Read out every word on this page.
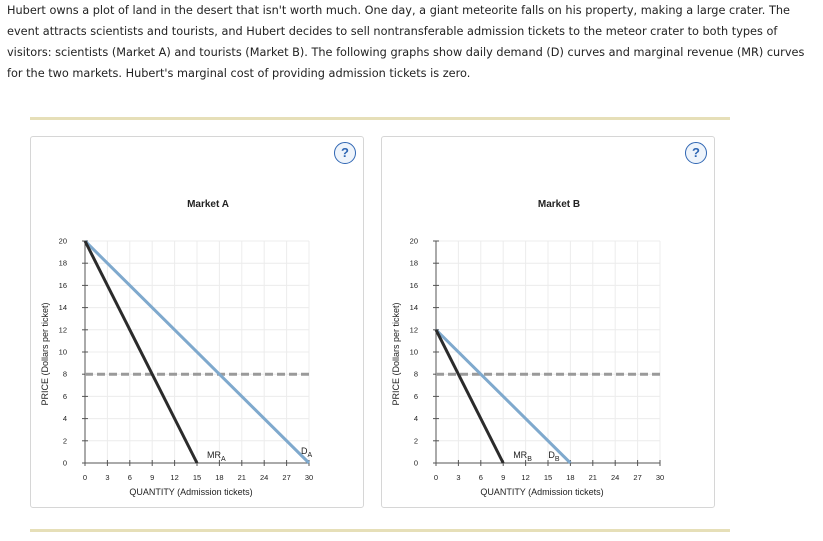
Hubert owns a plot of land in the desert that isn't worth much. One day, a giant meteorite falls on his property, making a large crater. The event attracts scientists and tourists, and Hubert decides to sell nontransferable admission tickets to the meteor crater to both types of visitors: scientists (Market A) and tourists (Market B). The following graphs show daily demand (D) curves and marginal revenue (MR) curves for the two markets. Hubert's marginal cost of providing admission tickets is zero.
?
Market A
0
2
4
6
8
10
12
14
16
18
20
0 3 6 9 12 15 18 21 24 27 30
QUANTITY (Admission tickets)
PRICE (Dollars per ticket)
$D_A$
$MR_A$
?
Market B
0
2
4
6
8
10
12
14
16
18
20
0 3 6 9 12 15 18 21 24 27 30
QUANTITY (Admission tickets)
PRICE (Dollars per ticket)
$D_B$
$MR_B$
